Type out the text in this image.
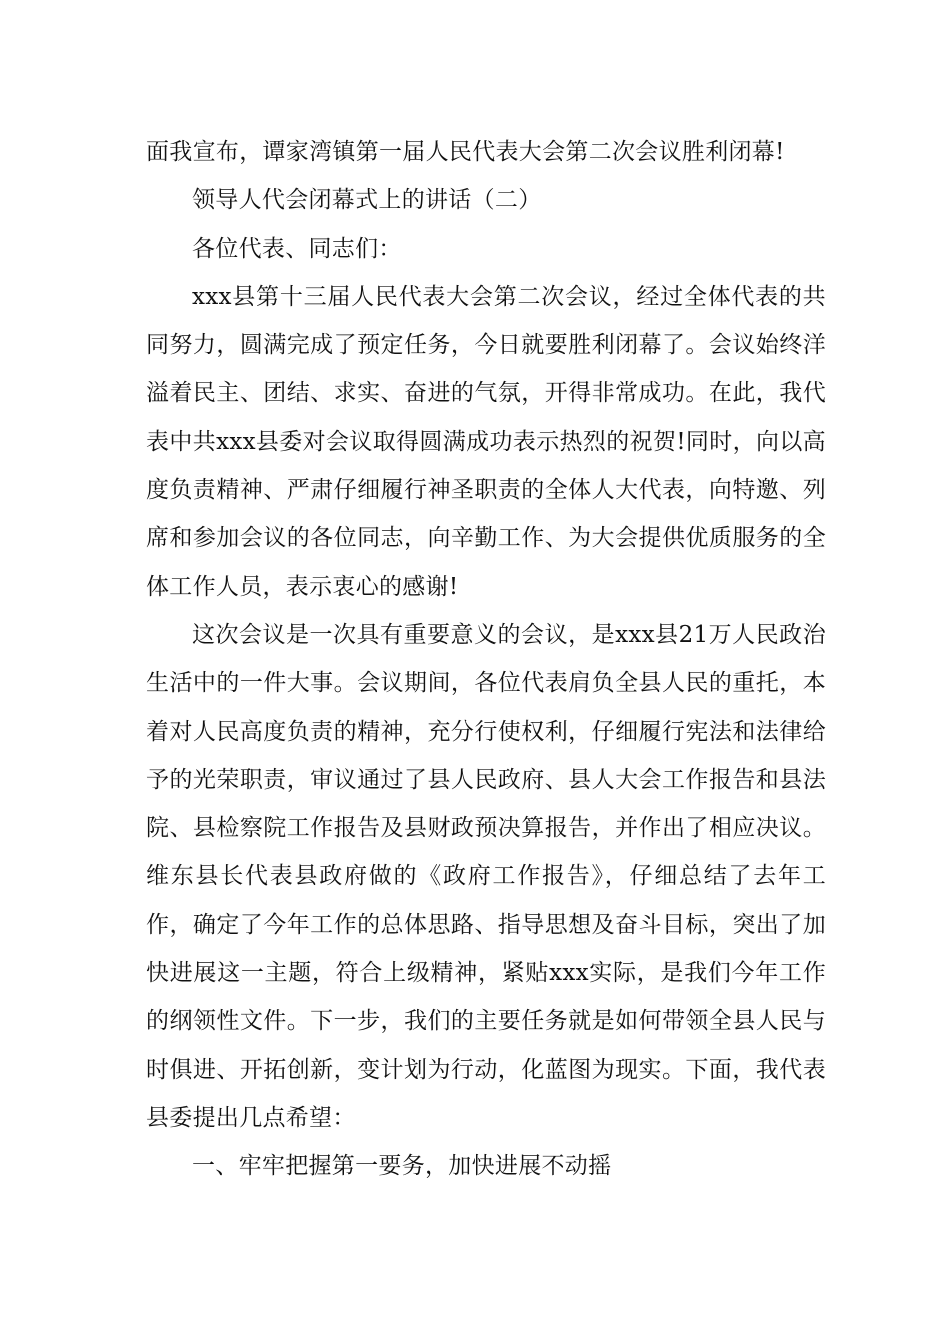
面我宣布，谭家湾镇第一届人民代表大会第二次会议胜利闭幕!

领导人代会闭幕式上的讲话（二）

各位代表、同志们：

xxx县第十三届人民代表大会第二次会议，经过全体代表的共同努力，圆满完成了预定任务，今日就要胜利闭幕了。会议始终洋溢着民主、团结、求实、奋进的气氛，开得非常成功。在此，我代表中共xxx县委对会议取得圆满成功表示热烈的祝贺!同时，向以高度负责精神、严肃仔细履行神圣职责的全体人大代表，向特邀、列席和参加会议的各位同志，向辛勤工作、为大会提供优质服务的全体工作人员，表示衷心的感谢!

这次会议是一次具有重要意义的会议，是xxx县21万人民政治生活中的一件大事。会议期间，各位代表肩负全县人民的重托，本着对人民高度负责的精神，充分行使权利，仔细履行宪法和法律给予的光荣职责，审议通过了县人民政府、县人大会工作报告和县法院、县检察院工作报告及县财政预决算报告，并作出了相应决议。维东县长代表县政府做的《政府工作报告》，仔细总结了去年工作，确定了今年工作的总体思路、指导思想及奋斗目标，突出了加快进展这一主题，符合上级精神，紧贴xxx实际，是我们今年工作的纲领性文件。下一步，我们的主要任务就是如何带领全县人民与时俱进、开拓创新，变计划为行动，化蓝图为现实。下面，我代表县委提出几点希望：

一、牢牢把握第一要务，加快进展不动摇
